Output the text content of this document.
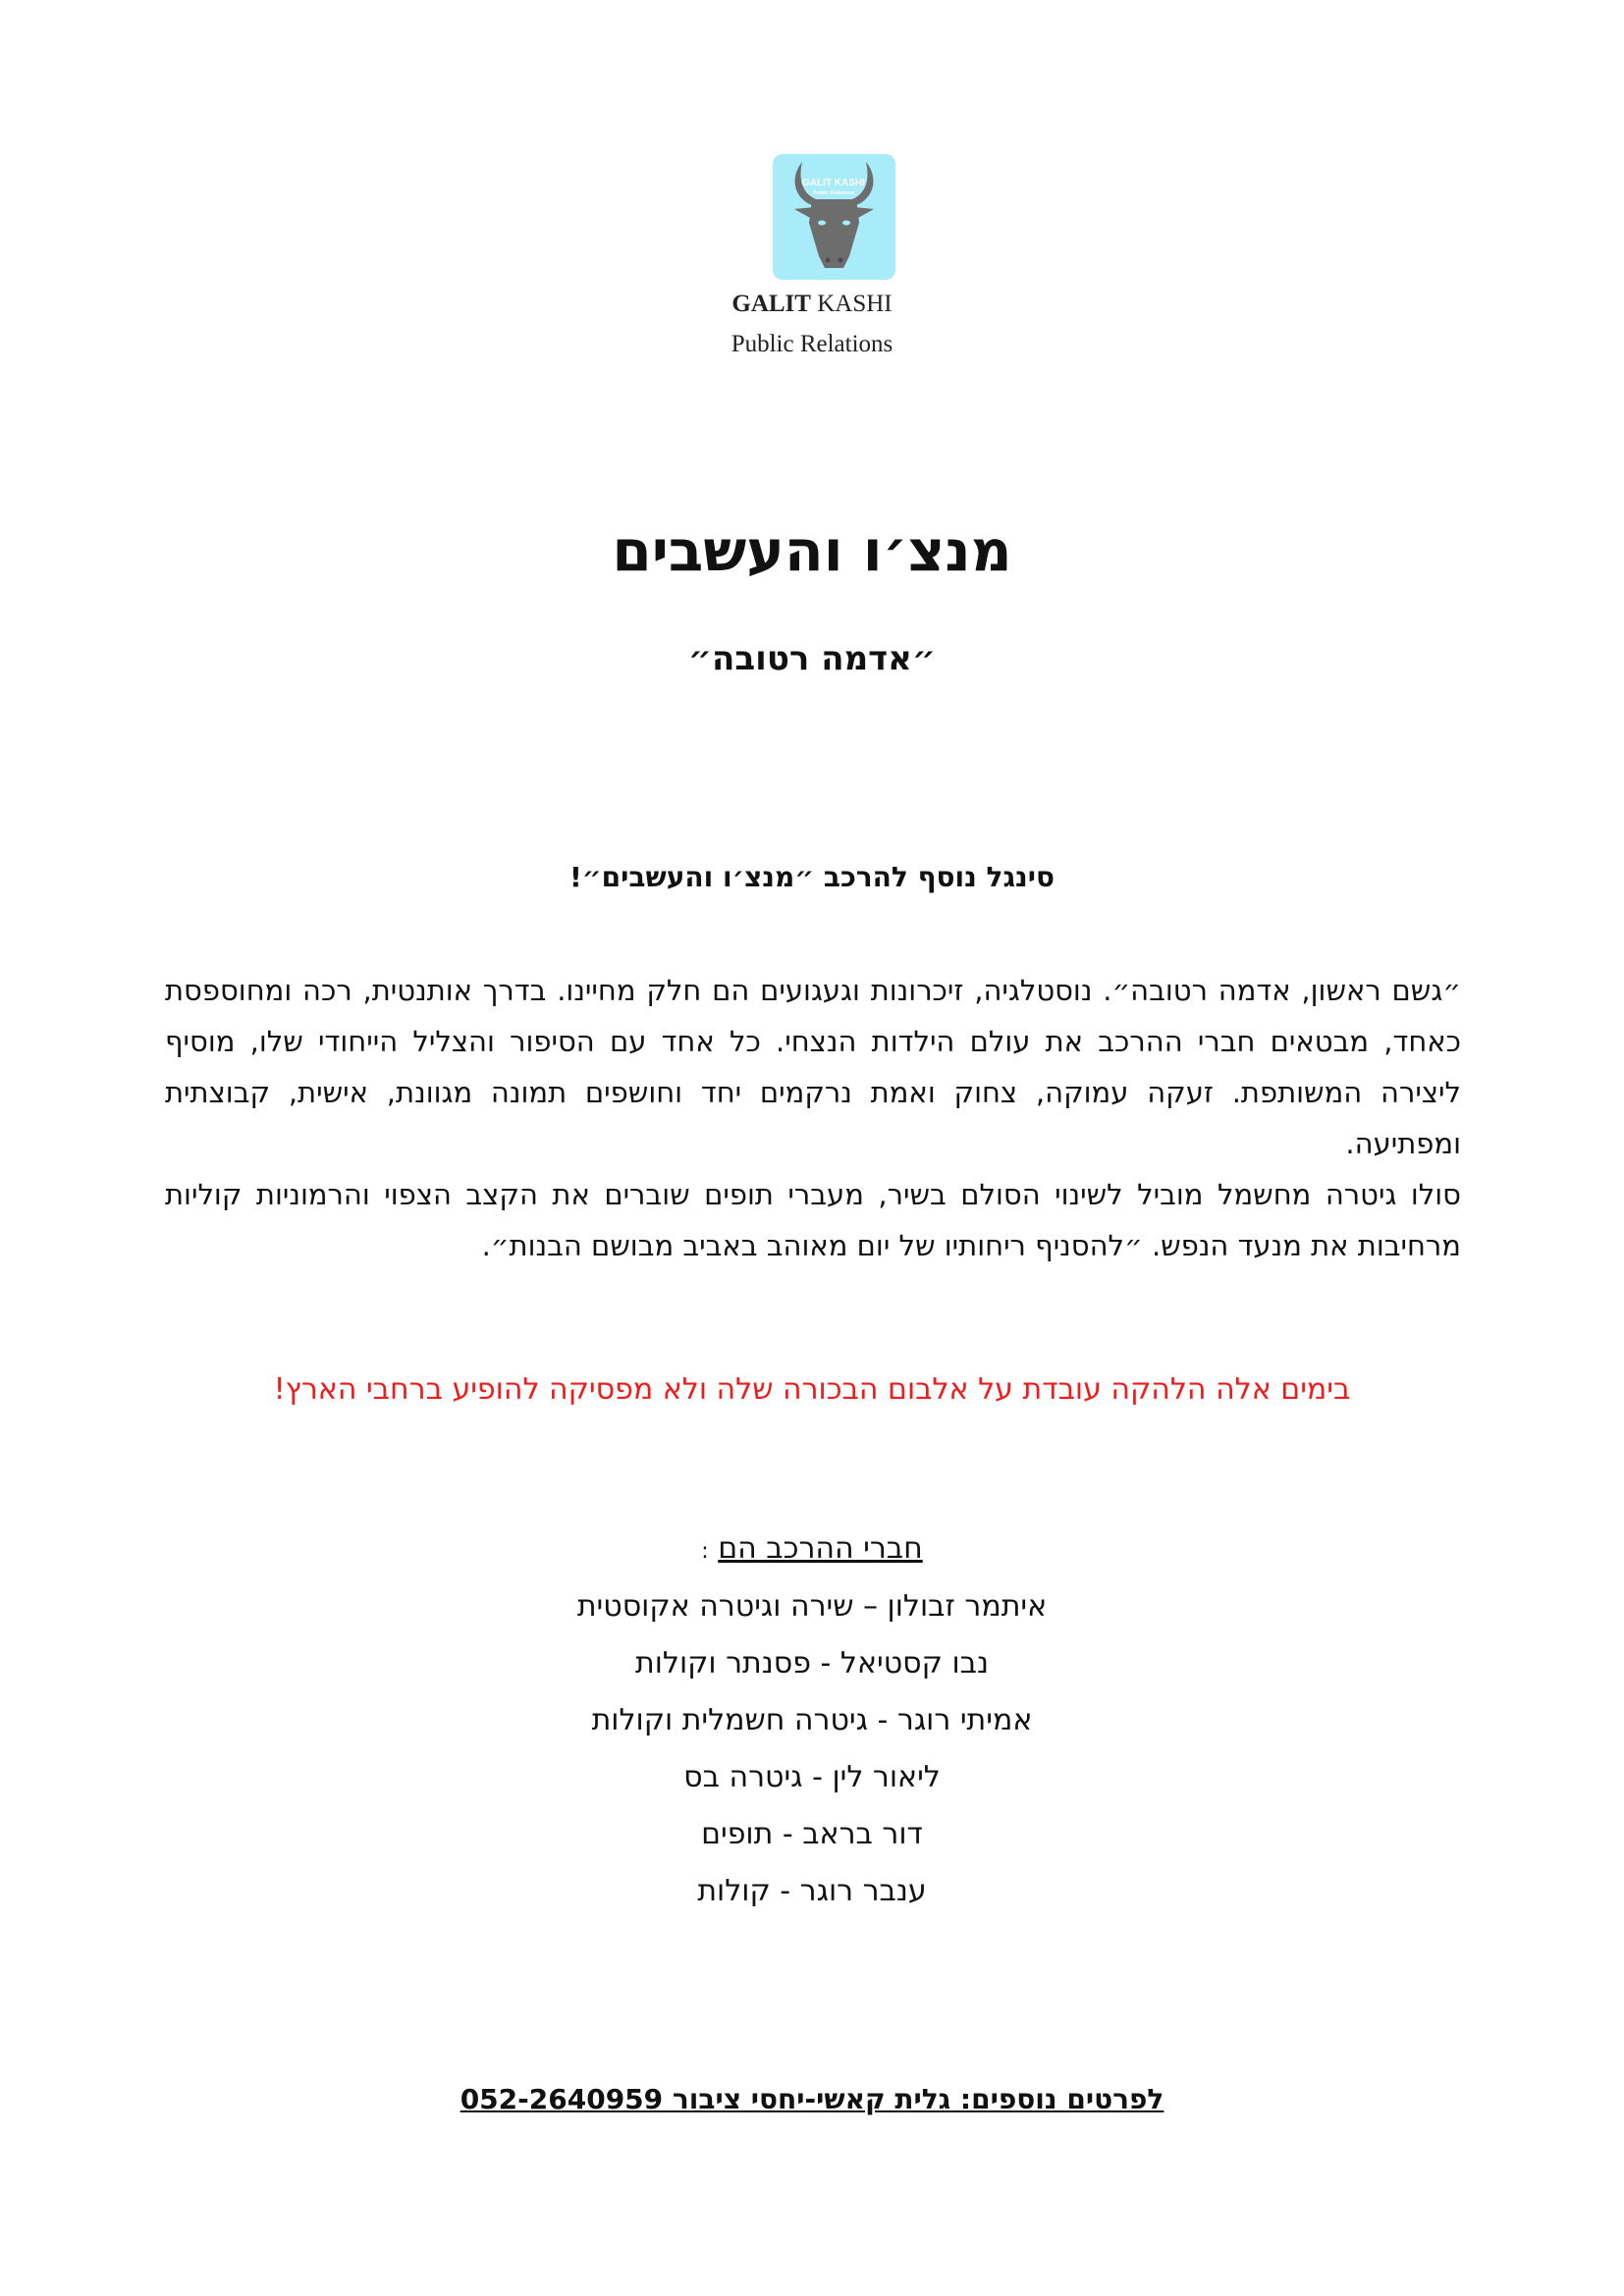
GALIT KASHI
Public Relations
GALIT KASHI
Public Relations
מנצ׳ו והעשבים
״אדמה רטובה״
סינגל נוסף להרכב ״מנצ׳ו והעשבים״!

״גשם ראשון, אדמה רטובה״. נוסטלגיה, זיכרונות וגעגועים הם חלק מחיינו. בדרך אותנטית, רכה ומחוספסת כאחד, מבטאים חברי ההרכב את עולם הילדות הנצחי. כל אחד עם הסיפור והצליל הייחודי שלו, מוסיף ליצירה המשותפת. זעקה עמוקה, צחוק ואמת נרקמים יחד וחושפים תמונה מגוונת, אישית, קבוצתית ומפתיעה.

סולו גיטרה מחשמל מוביל לשינוי הסולם בשיר, מעברי תופים שוברים את הקצב הצפוי והרמוניות קוליות מרחיבות את מנעד הנפש. ״להסניף ריחותיו של יום מאוהב באביב מבושם הבנות״.

בימים אלה הלהקה עובדת על אלבום הבכורה שלה ולא מפסיקה להופיע ברחבי הארץ!
חברי ההרכב הם :
איתמר זבולון – שירה וגיטרה אקוסטית
נבו קסטיאל - פסנתר וקולות
אמיתי רוגר - גיטרה חשמלית וקולות
ליאור לין - גיטרה בס
דור בראב - תופים
ענבר רוגר - קולות
לפרטים נוספים: גלית קאשי-יחסי ציבור 052-2640959
